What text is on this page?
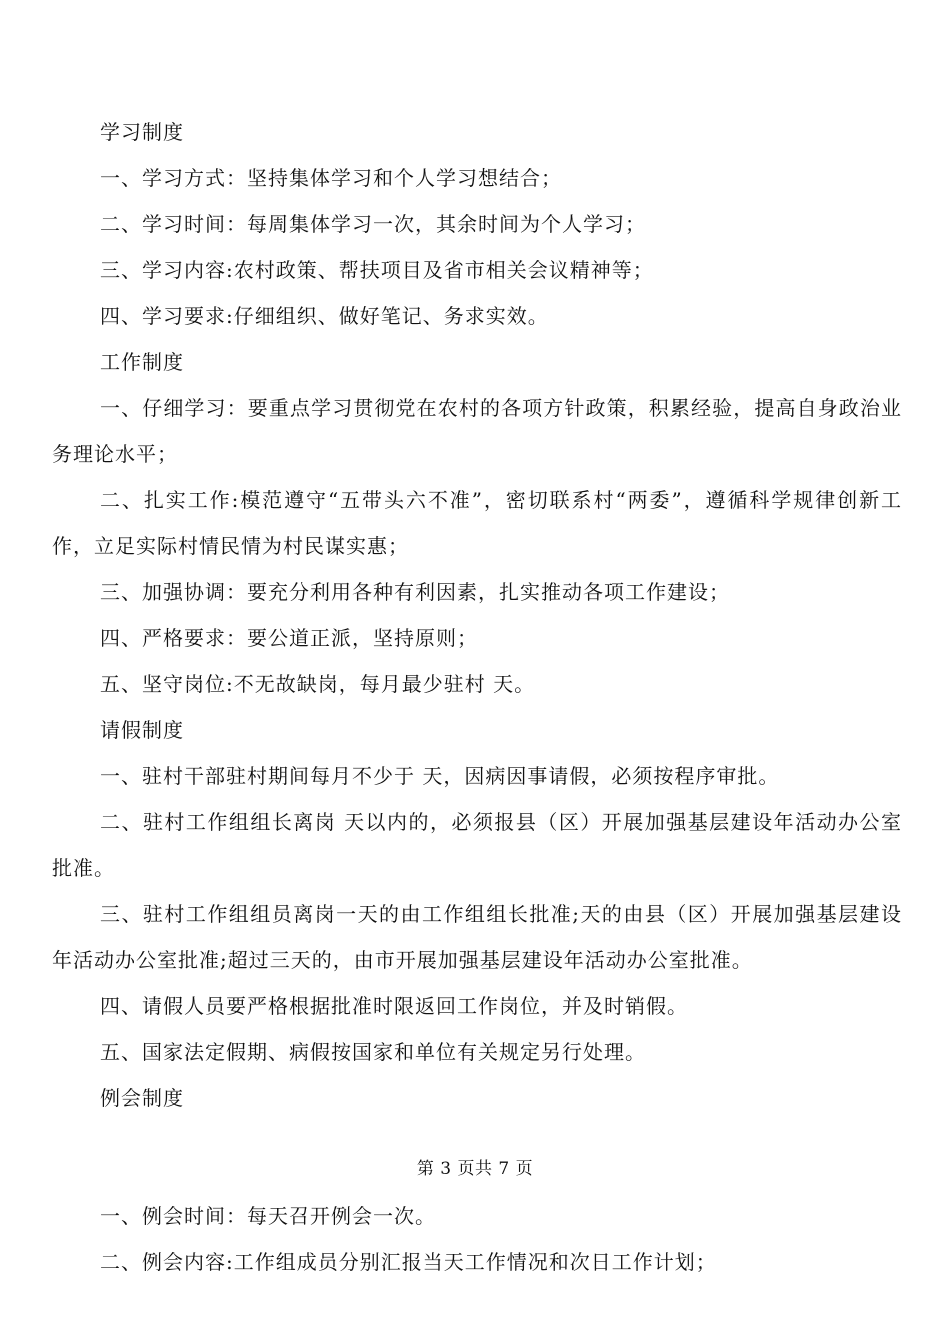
学习制度
一、学习方式：坚持集体学习和个人学习想结合；
二、学习时间：每周集体学习一次，其余时间为个人学习；
三、学习内容:农村政策、帮扶项目及省市相关会议精神等；
四、学习要求:仔细组织、做好笔记、务求实效。
工作制度
一、仔细学习：要重点学习贯彻党在农村的各项方针政策，积累经验，提高自身政治业务理论水平；
二、扎实工作:模范遵守“五带头六不准”，密切联系村“两委”，遵循科学规律创新工作，立足实际村情民情为村民谋实惠；
三、加强协调：要充分利用各种有利因素，扎实推动各项工作建设；
四、严格要求：要公道正派，坚持原则；
五、坚守岗位:不无故缺岗，每月最少驻村 天。
请假制度
一、驻村干部驻村期间每月不少于 天，因病因事请假，必须按程序审批。
二、驻村工作组组长离岗 天以内的，必须报县（区）开展加强基层建设年活动办公室批准。
三、驻村工作组组员离岗一天的由工作组组长批准;天的由县（区）开展加强基层建设年活动办公室批准;超过三天的，由市开展加强基层建设年活动办公室批准。
四、请假人员要严格根据批准时限返回工作岗位，并及时销假。
五、国家法定假期、病假按国家和单位有关规定另行处理。
例会制度
第 3 页共 7 页
一、例会时间：每天召开例会一次。
二、例会内容:工作组成员分别汇报当天工作情况和次日工作计划；
